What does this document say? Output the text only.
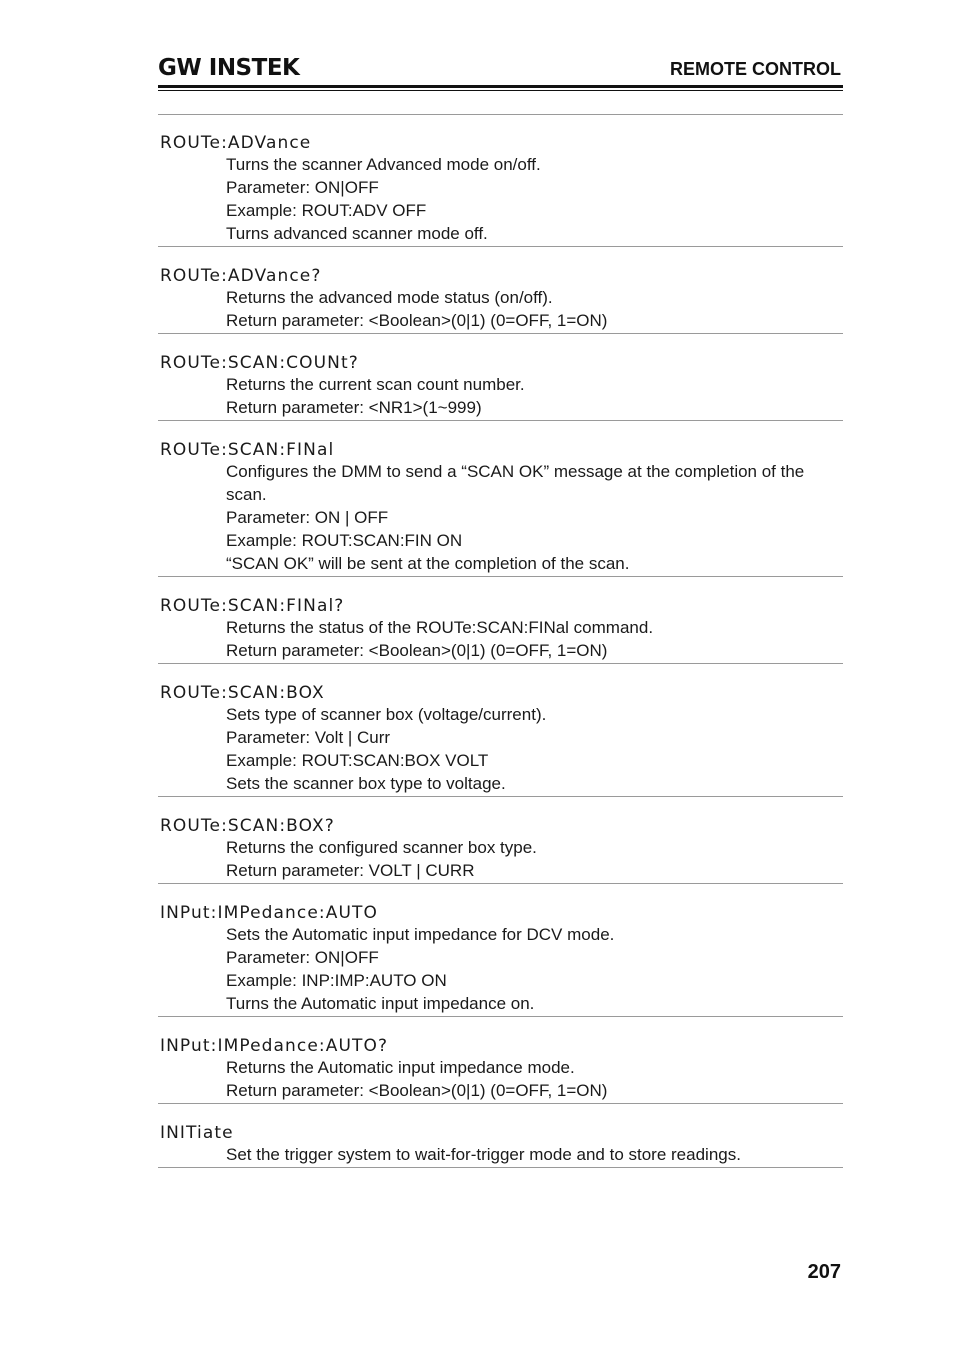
GW INSTEK	REMOTE CONTROL
ROUTe:ADVance
Turns the scanner Advanced mode on/off.
Parameter: ON|OFF
Example: ROUT:ADV OFF
Turns advanced scanner mode off.
ROUTe:ADVance?
Returns the advanced mode status (on/off).
Return parameter: <Boolean>(0|1) (0=OFF, 1=ON)
ROUTe:SCAN:COUNt?
Returns the current scan count number.
Return parameter: <NR1>(1~999)
ROUTe:SCAN:FINal
Configures the DMM to send a “SCAN OK” message at the completion of the scan.
Parameter: ON | OFF
Example: ROUT:SCAN:FIN ON
“SCAN OK” will be sent at the completion of the scan.
ROUTe:SCAN:FINal?
Returns the status of the ROUTe:SCAN:FINal command.
Return parameter: <Boolean>(0|1) (0=OFF, 1=ON)
ROUTe:SCAN:BOX
Sets type of scanner box (voltage/current).
Parameter: Volt | Curr
Example: ROUT:SCAN:BOX VOLT
Sets the scanner box type to voltage.
ROUTe:SCAN:BOX?
Returns the configured scanner box type.
Return parameter: VOLT | CURR
INPut:IMPedance:AUTO
Sets the Automatic input impedance for DCV mode.
Parameter: ON|OFF
Example: INP:IMP:AUTO ON
Turns the Automatic input impedance on.
INPut:IMPedance:AUTO?
Returns the Automatic input impedance mode.
Return parameter: <Boolean>(0|1) (0=OFF, 1=ON)
INITiate
Set the trigger system to wait-for-trigger mode and to store readings.
207
